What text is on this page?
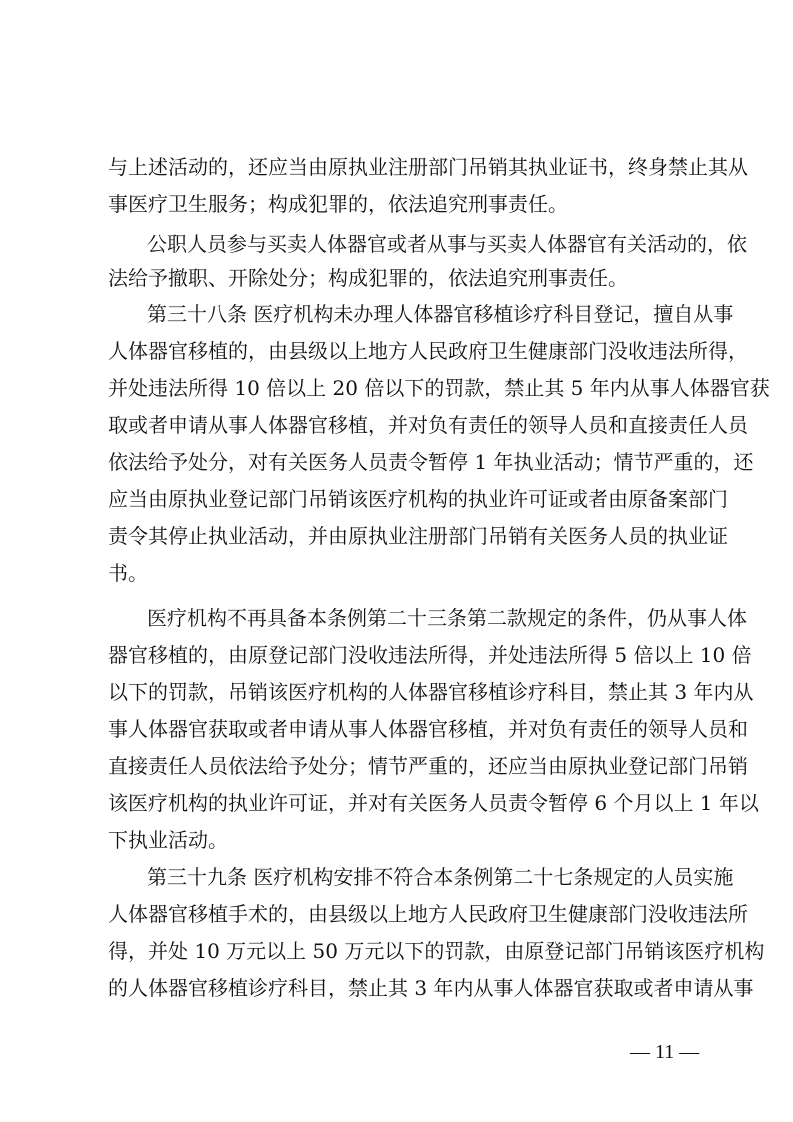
与上述活动的，还应当由原执业注册部门吊销其执业证书，终身禁止其从
事医疗卫生服务；构成犯罪的，依法追究刑事责任。
公职人员参与买卖人体器官或者从事与买卖人体器官有关活动的，依
法给予撤职、开除处分；构成犯罪的，依法追究刑事责任。
第三十八条 医疗机构未办理人体器官移植诊疗科目登记，擅自从事
人体器官移植的，由县级以上地方人民政府卫生健康部门没收违法所得，
并处违法所得 10 倍以上 20 倍以下的罚款，禁止其 5 年内从事人体器官获
取或者申请从事人体器官移植，并对负有责任的领导人员和直接责任人员
依法给予处分，对有关医务人员责令暂停 1 年执业活动；情节严重的，还
应当由原执业登记部门吊销该医疗机构的执业许可证或者由原备案部门
责令其停止执业活动，并由原执业注册部门吊销有关医务人员的执业证
书。
医疗机构不再具备本条例第二十三条第二款规定的条件，仍从事人体
器官移植的，由原登记部门没收违法所得，并处违法所得 5 倍以上 10 倍
以下的罚款，吊销该医疗机构的人体器官移植诊疗科目，禁止其 3 年内从
事人体器官获取或者申请从事人体器官移植，并对负有责任的领导人员和
直接责任人员依法给予处分；情节严重的，还应当由原执业登记部门吊销
该医疗机构的执业许可证，并对有关医务人员责令暂停 6 个月以上 1 年以
下执业活动。
第三十九条 医疗机构安排不符合本条例第二十七条规定的人员实施
人体器官移植手术的，由县级以上地方人民政府卫生健康部门没收违法所
得，并处 10 万元以上 50 万元以下的罚款，由原登记部门吊销该医疗机构
的人体器官移植诊疗科目，禁止其 3 年内从事人体器官获取或者申请从事
— 11 —
